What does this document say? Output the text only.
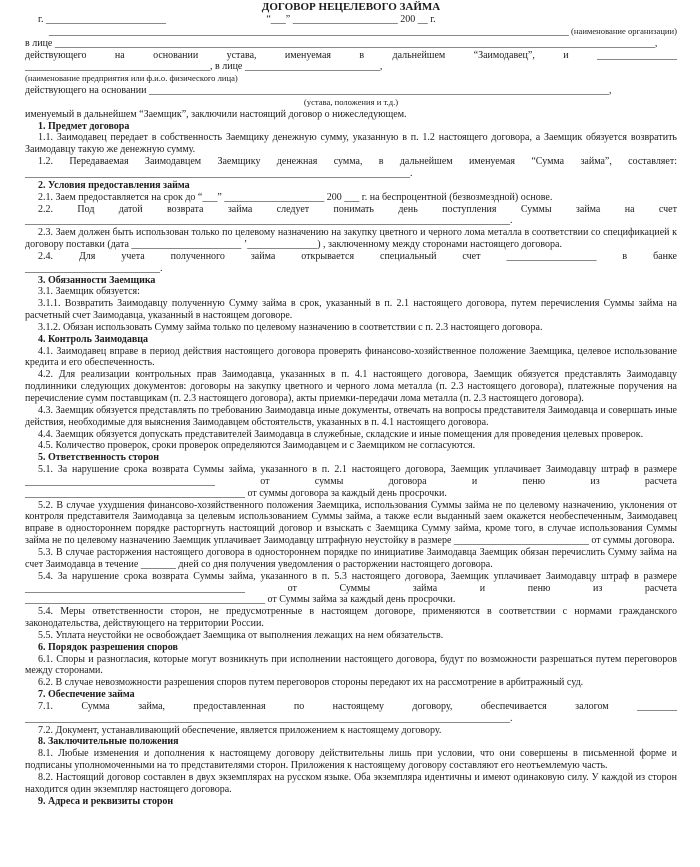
ДОГОВОР НЕЦЕЛЕВОГО ЗАЙМА

г. ________________________	“___” _____________________ 200 __ г.

________________________________________________________________________________________________________ (наименование организации)

в лице ________________________________________________________________________________________________________________________,

действующего на основании устава, именуемая в дальнейшем “Заимодавец”, и ________________

_____________________________________, в лице ___________________________,

(наименование предприятия или ф.и.о. физического лица)

действующего на основании ____________________________________________________________________________________________,

(устава, положения и т.д.)

именуемый в дальнейшем “Заемщик”, заключили настоящий договор о нижеследующем.

1. Предмет договора

1.1. Заимодавец передает в собственность Заемщику денежную сумму, указанную в п. 1.2 настоящего договора, а Заемщик обязуется возвратить Заимодавцу такую же денежную сумму.

1.2. Передаваемая Заимодавцем Заемщику денежная сумма, в дальнейшем именуемая “Сумма займа”, составляет: _____________________________________________________________________________.

2. Условия предоставления займа

2.1. Заем предоставляется на срок до “___” ____________________ 200 ___ г. на беспроцентной (безвозмездной) основе.

2.2. Под датой возврата займа следует понимать день поступления Суммы займа на счет _________________________________________________________________________________________________.

2.3. Заем должен быть использован только по целевому назначению на закупку цветного и черного лома металла в соответствии со спецификацией к договору поставки (дата ______________________ ’______________) , заключенному между сторонами настоящего договора.

2.4. Для учета полученного займа открывается специальный счет __________________ в банке

___________________________.

3. Обязанности Заемщика

3.1. Заемщик обязуется:

3.1.1. Возвратить Заимодавцу полученную Сумму займа в срок, указанный в п. 2.1 настоящего договора, путем перечисления Суммы займа на расчетный счет Заимодавца, указанный в настоящем договоре.

3.1.2. Обязан использовать Сумму займа только по целевому назначению в соответствии с п. 2.3 настоящего договора.

4. Контроль Заимодавца

4.1. Заимодавец вправе в период действия настоящего договора проверять финансово-хозяйственное положение Заемщика, целевое использование кредита и его обеспеченность.

4.2. Для реализации контрольных прав Заимодавца, указанных в п. 4.1 настоящего договора, Заемщик обязуется представлять Заимодавцу подлинники следующих документов: договоры на закупку цветного и черного лома металла (п. 2.3 настоящего договора), платежные поручения на перечисление сумм поставщикам (п. 2.3 настоящего договора), акты приемки-передачи лома металла (п. 2.3 настоящего договора).

4.3. Заемщик обязуется представлять по требованию Заимодавца иные документы, отвечать на вопросы представителя Заимодавца и совершать иные действия, необходимые для выяснения Заимодавцем обстоятельств, указанных в п. 4.1 настоящего договора.

4.4. Заемщик обязуется допускать представителей Заимодавца в служебные, складские и иные помещения для проведения целевых проверок.

4.5. Количество проверок, сроки проверок определяются Заимодавцем и с Заемщиком не согласуются.

5. Ответственность сторон

5.1. За нарушение срока возврата Суммы займа, указанного в п. 2.1 настоящего договора, Заемщик уплачивает Заимодавцу штраф в размере ______________________________________ от суммы договора и пеню из расчета

____________________________________________ от суммы договора за каждый день просрочки.

5.2. В случае ухудшения финансово-хозяйственного положения Заемщика, использования Суммы займа не по целевому назначению, уклонения от контроля представителя Заимодавца за целевым использованием Суммы займа, а также если выданный заем окажется необеспеченным, Заимодавец вправе в одностороннем порядке расторгнуть настоящий договор и взыскать с Заемщика Сумму займа, кроме того, в случае использования Суммы займа не по целевому назначению Заемщик уплачивает Заимодавцу штрафную неустойку в размере ___________________________ от суммы договора.

5.3. В случае расторжения настоящего договора в одностороннем порядке по инициативе Заимодавца Заемщик обязан перечислить Сумму займа на счет Заимодавца в течение _______ дней со дня получения уведомления о расторжении настоящего договора.

5.4. За нарушение срока возврата Суммы займа, указанного в п. 5.3 настоящего договора, Заемщик уплачивает Заимодавцу штраф в размере ____________________________________________ от Суммы займа и пеню из расчета

________________________________________________ от Суммы займа за каждый день просрочки.

5.4. Меры ответственности сторон, не предусмотренные в настоящем договоре, применяются в соответствии с нормами гражданского законодательства, действующего на территории России.

5.5. Уплата неустойки не освобождает Заемщика от выполнения лежащих на нем обязательств.

6. Порядок разрешения споров

6.1. Споры и разногласия, которые могут возникнуть при исполнении настоящего договора, будут по возможности разрешаться путем переговоров между сторонами.

6.2. В случае невозможности разрешения споров путем переговоров стороны передают их на рассмотрение в арбитражный суд.

7. Обеспечение займа

7.1. Сумма займа, предоставленная по настоящему договору, обеспечивается залогом ________

_________________________________________________________________________________________________.

7.2. Документ, устанавливающий обеспечение, является приложением к настоящему договору.

8. Заключительные положения

8.1. Любые изменения и дополнения к настоящему договору действительны лишь при условии, что они совершены в письменной форме и подписаны уполномоченными на то представителями сторон. Приложения к настоящему договору составляют его неотъемлемую часть.

8.2. Настоящий договор составлен в двух экземплярах на русском языке. Оба экземпляра идентичны и имеют одинаковую силу. У каждой из сторон находится один экземпляр настоящего договора.

9. Адреса и реквизиты сторон
